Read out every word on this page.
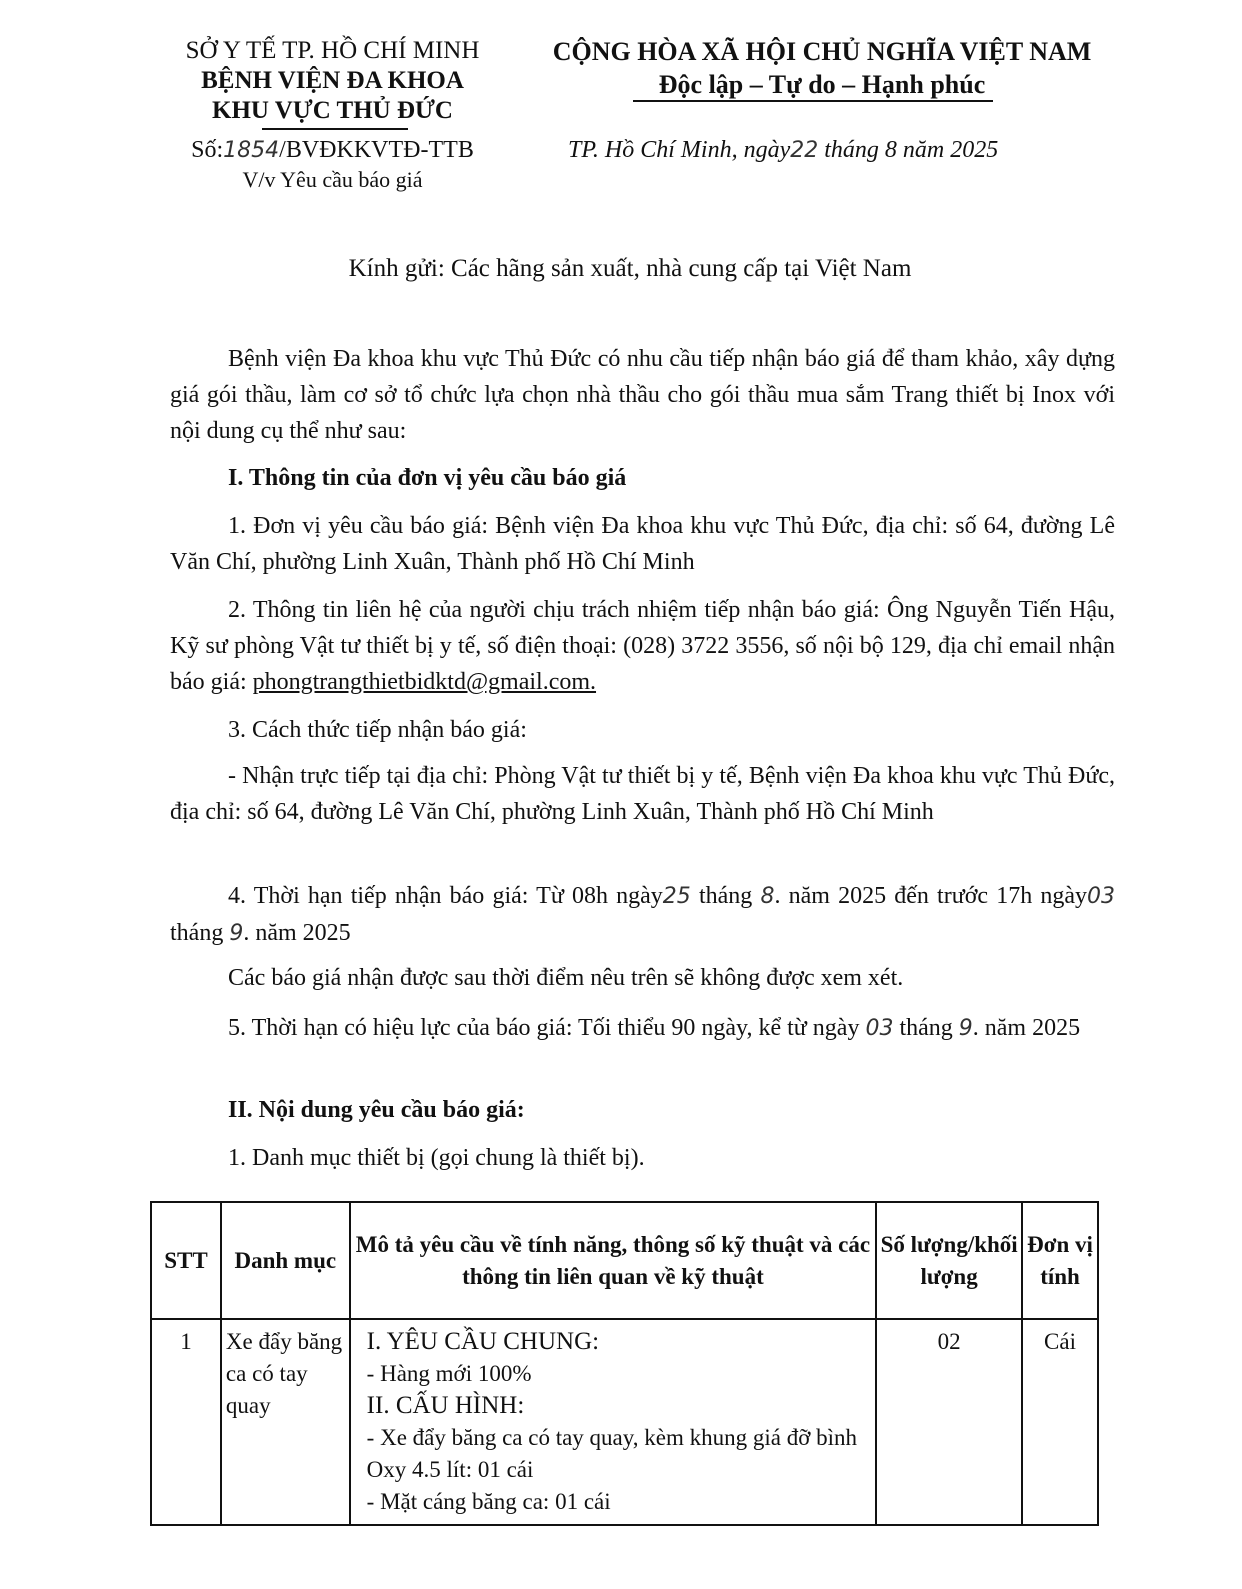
SỞ Y TẾ TP. HỒ CHÍ MINH
BỆNH VIỆN ĐA KHOA
KHU VỰC THỦ ĐỨC
Số:1854/BVĐKKVTĐ-TTB
V/v Yêu cầu báo giá
CỘNG HÒA XÃ HỘI CHỦ NGHĨA VIỆT NAM
Độc lập – Tự do – Hạnh phúc
TP. Hồ Chí Minh, ngày22 tháng 8 năm 2025
Kính gửi: Các hãng sản xuất, nhà cung cấp tại Việt Nam
Bệnh viện Đa khoa khu vực Thủ Đức có nhu cầu tiếp nhận báo giá để tham khảo, xây dựng giá gói thầu, làm cơ sở tổ chức lựa chọn nhà thầu cho gói thầu mua sắm Trang thiết bị Inox với nội dung cụ thể như sau:
I. Thông tin của đơn vị yêu cầu báo giá
1. Đơn vị yêu cầu báo giá: Bệnh viện Đa khoa khu vực Thủ Đức, địa chỉ: số 64, đường Lê Văn Chí, phường Linh Xuân, Thành phố Hồ Chí Minh
2. Thông tin liên hệ của người chịu trách nhiệm tiếp nhận báo giá: Ông Nguyễn Tiến Hậu, Kỹ sư phòng Vật tư thiết bị y tế, số điện thoại: (028) 3722 3556, số nội bộ 129, địa chỉ email nhận báo giá: phongtrangthietbidktd@gmail.com.
3. Cách thức tiếp nhận báo giá:
- Nhận trực tiếp tại địa chỉ: Phòng Vật tư thiết bị y tế, Bệnh viện Đa khoa khu vực Thủ Đức, địa chỉ: số 64, đường Lê Văn Chí, phường Linh Xuân, Thành phố Hồ Chí Minh
4. Thời hạn tiếp nhận báo giá: Từ 08h ngày25 tháng 8. năm 2025 đến trước 17h ngày03 tháng 9. năm 2025
Các báo giá nhận được sau thời điểm nêu trên sẽ không được xem xét.
5. Thời hạn có hiệu lực của báo giá: Tối thiểu 90 ngày, kể từ ngày 03 tháng 9. năm 2025
II. Nội dung yêu cầu báo giá:
1. Danh mục thiết bị (gọi chung là thiết bị).
STT	Danh mục	Mô tả yêu cầu về tính năng, thông số kỹ thuật và các thông tin liên quan về kỹ thuật	Số lượng/khối lượng	Đơn vị tính
1	Xe đẩy băng ca có tay quay	I. YÊU CẦU CHUNG:
- Hàng mới 100%
II. CẤU HÌNH:
- Xe đẩy băng ca có tay quay, kèm khung giá đỡ bình Oxy 4.5 lít: 01 cái
- Mặt cáng băng ca: 01 cái	02	Cái
